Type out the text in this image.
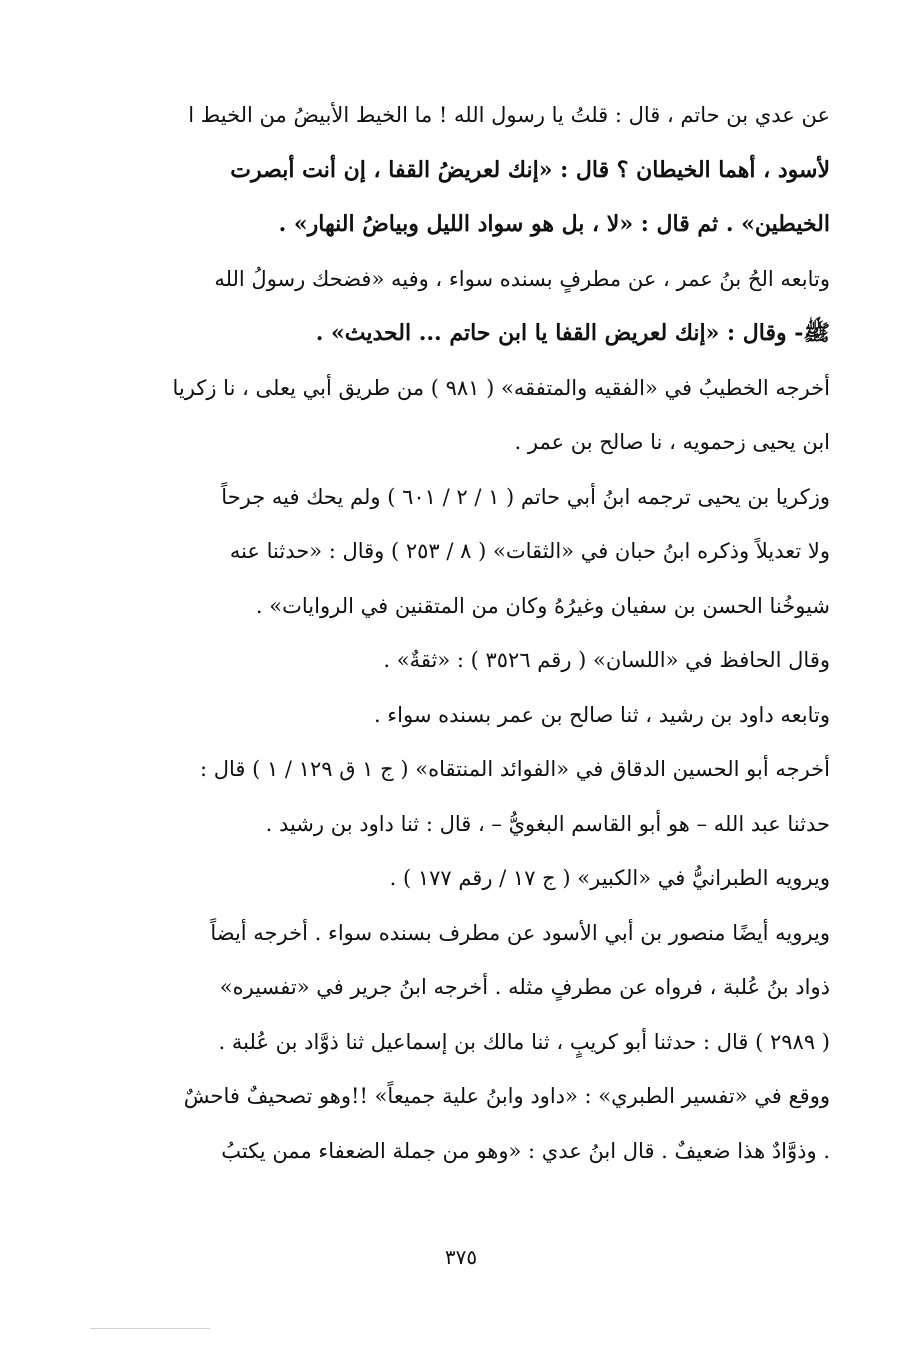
عن عدي بن حاتم ، قال : قلتُ يا رسول الله ! ما الخيط الأبيضُ من الخيط ا
لأسود ، أهما الخيطان ؟ قال : «إنك لعريضُ القفا ، إن أنت أبصرت
الخيطين» . ثم قال : «لا ، بل هو سواد الليل وبياضُ النهار» .
وتابعه الحُ بنُ عمر ، عن مطرفٍ بسنده سواء ، وفيه «فضحك رسولُ الله
ﷺ- وقال : «إنك لعريض القفا يا ابن حاتم ... الحديث» .
أخرجه الخطيبُ في «الفقيه والمتفقه» ( ٩٨١ ) من طريق أبي يعلى ، نا زكريا
ابن يحيى زحمويه ، نا صالح بن عمر .
وزكريا بن يحيى ترجمه ابنُ أبي حاتم ( ١ / ٢ / ٦٠١ ) ولم يحك فيه جرحاً
ولا تعديلاً وذكره ابنُ حبان في «الثقات» ( ٨ / ٢٥٣ ) وقال : «حدثنا عنه
شيوخُنا الحسن بن سفيان وغيرُهُ وكان من المتقنين في الروايات» .
وقال الحافظ في «اللسان» ( رقم ٣٥٢٦ ) : «ثقةٌ» .
وتابعه داود بن رشيد ، ثنا صالح بن عمر بسنده سواء .
أخرجه أبو الحسين الدقاق في «الفوائد المنتقاه» ( ج ١ ق ١٢٩ / ١ ) قال :
حدثنا عبد الله – هو أبو القاسم البغويُّ – ، قال : ثنا داود بن رشيد .
ويرويه الطبرانيُّ في «الكبير» ( ج ١٧ / رقم ١٧٧ ) .
ويرويه أيضًا منصور بن أبي الأسود عن مطرف بسنده سواء . أخرجه أيضاً
ذواد بنُ عُلبة ، فرواه عن مطرفٍ مثله . أخرجه ابنُ جرير في «تفسيره»
( ٢٩٨٩ ) قال : حدثنا أبو كريبٍ ، ثنا مالك بن إسماعيل ثنا ذوَّاد بن عُلبة .
ووقع في «تفسير الطبري» : «داود وابنُ علية جميعاً» !!وهو تصحيفٌ فاحشٌ
. وذوَّادٌ هذا ضعيفٌ . قال ابنُ عدي : «وهو من جملة الضعفاء ممن يكتبُ
٣٧٥
